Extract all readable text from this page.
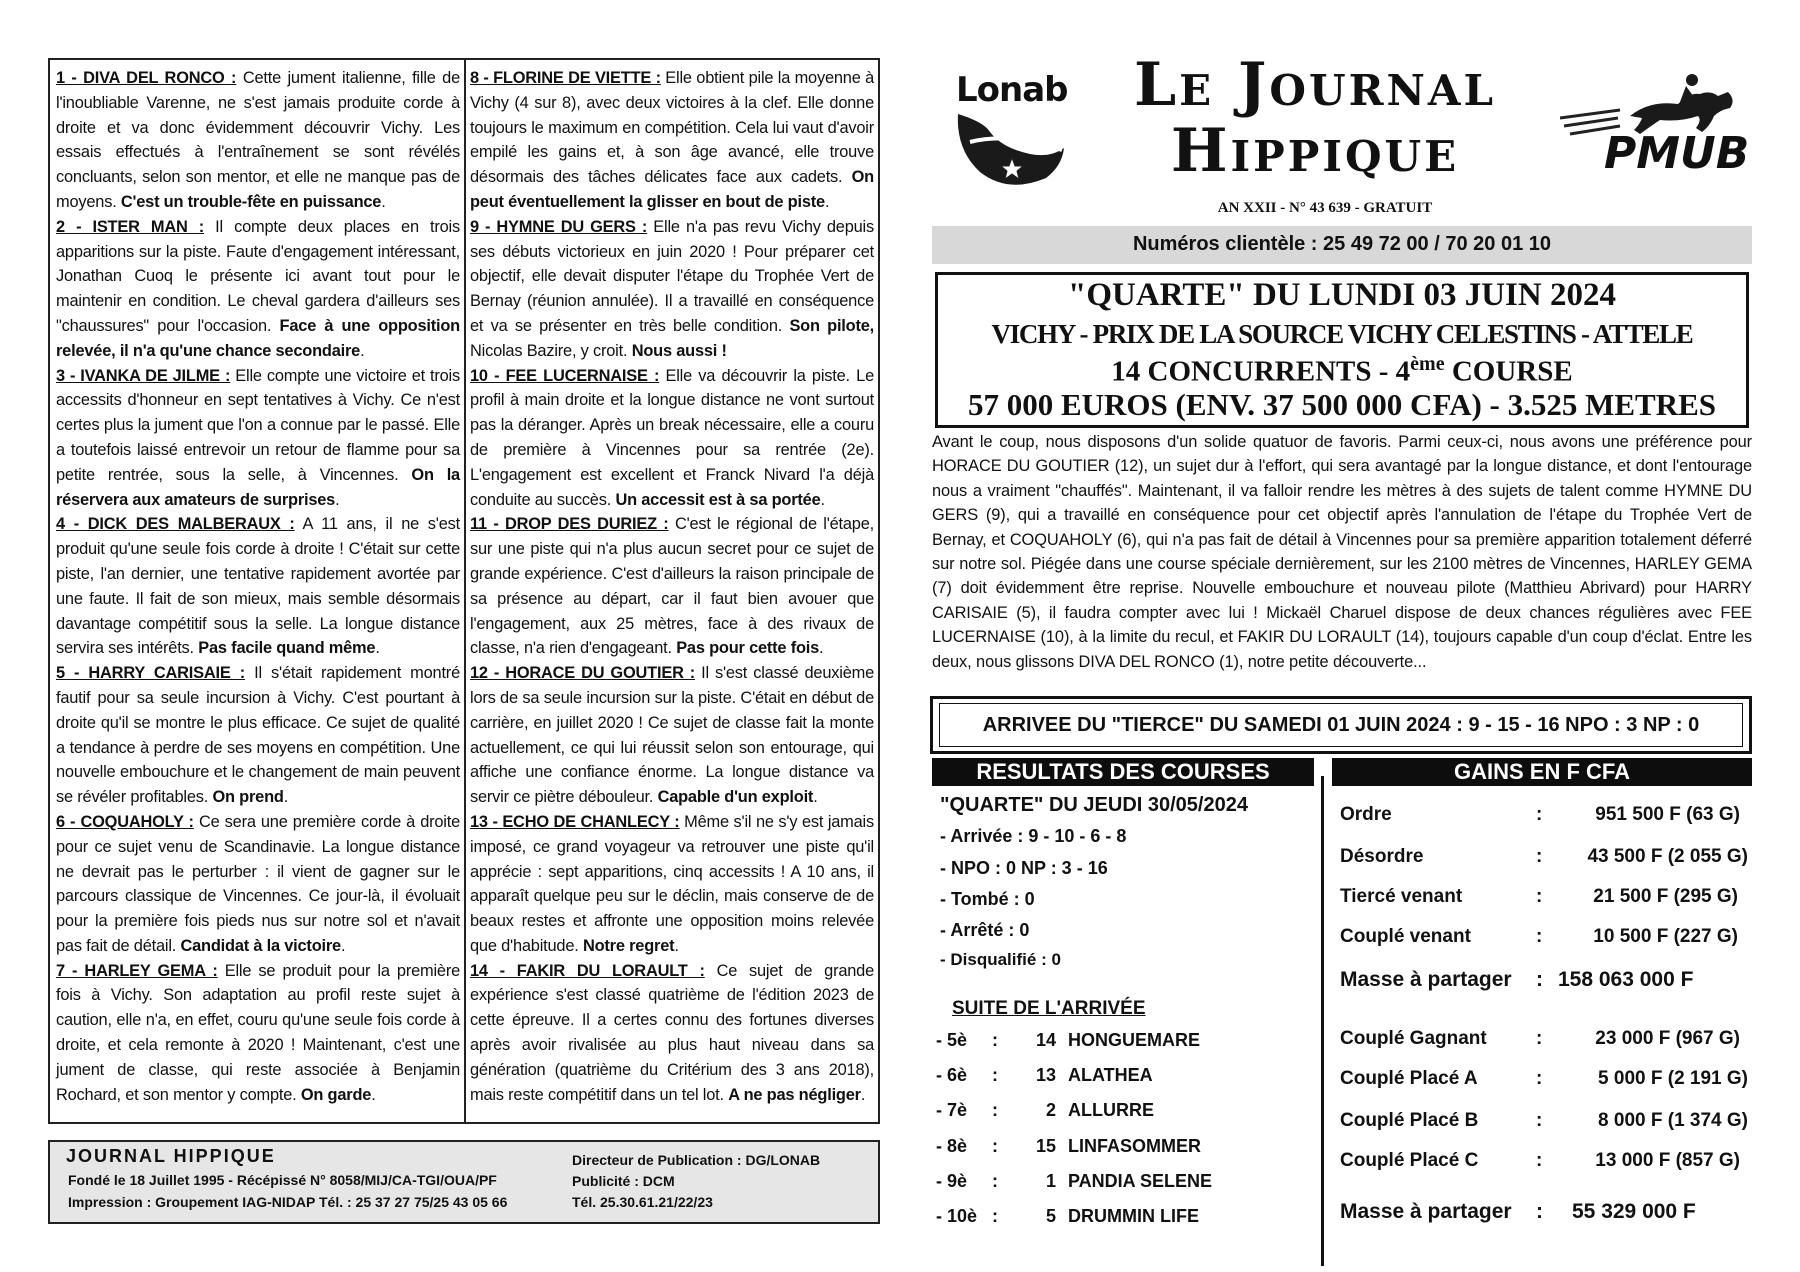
1 - DIVA DEL RONCO : Cette jument italienne, fille de l'inoubliable Varenne, ne s'est jamais produite corde à droite et va donc évidemment découvrir Vichy. Les essais effectués à l'entraînement se sont révélés concluants, selon son mentor, et elle ne manque pas de moyens. C'est un trouble-fête en puissance.

2 - ISTER MAN : Il compte deux places en trois apparitions sur la piste. Faute d'engagement intéressant, Jonathan Cuoq le présente ici avant tout pour le maintenir en condition. Le cheval gardera d'ailleurs ses "chaussures" pour l'occasion. Face à une opposition relevée, il n'a qu'une chance secondaire.

3 - IVANKA DE JILME : Elle compte une victoire et trois accessits d'honneur en sept tentatives à Vichy. Ce n'est certes plus la jument que l'on a connue par le passé. Elle a toutefois laissé entrevoir un retour de flamme pour sa petite rentrée, sous la selle, à Vincennes. On la réservera aux amateurs de surprises.

4 - DICK DES MALBERAUX : A 11 ans, il ne s'est produit qu'une seule fois corde à droite ! C'était sur cette piste, l'an dernier, une tentative rapidement avortée par une faute. Il fait de son mieux, mais semble désormais davantage compétitif sous la selle. La longue distance servira ses intérêts. Pas facile quand même.

5 - HARRY CARISAIE : Il s'était rapidement montré fautif pour sa seule incursion à Vichy. C'est pourtant à droite qu'il se montre le plus efficace. Ce sujet de qualité a tendance à perdre de ses moyens en compétition. Une nouvelle embouchure et le changement de main peuvent se révéler profitables. On prend.

6 - COQUAHOLY : Ce sera une première corde à droite pour ce sujet venu de Scandinavie. La longue distance ne devrait pas le perturber : il vient de gagner sur le parcours classique de Vincennes. Ce jour-là, il évoluait pour la première fois pieds nus sur notre sol et n'avait pas fait de détail. Candidat à la victoire.

7 - HARLEY GEMA : Elle se produit pour la première fois à Vichy. Son adaptation au profil reste sujet à caution, elle n'a, en effet, couru qu'une seule fois corde à droite, et cela remonte à 2020 ! Maintenant, c'est une jument de classe, qui reste associée à Benjamin Rochard, et son mentor y compte. On garde.

8 - FLORINE DE VIETTE : Elle obtient pile la moyenne à Vichy (4 sur 8), avec deux victoires à la clef. Elle donne toujours le maximum en compétition. Cela lui vaut d'avoir empilé les gains et, à son âge avancé, elle trouve désormais des tâches délicates face aux cadets. On peut éventuellement la glisser en bout de piste.

9 - HYMNE DU GERS : Elle n'a pas revu Vichy depuis ses débuts victorieux en juin 2020 ! Pour préparer cet objectif, elle devait disputer l'étape du Trophée Vert de Bernay (réunion annulée). Il a travaillé en conséquence et va se présenter en très belle condition. Son pilote, Nicolas Bazire, y croit. Nous aussi !

10 - FEE LUCERNAISE : Elle va découvrir la piste. Le profil à main droite et la longue distance ne vont surtout pas la déranger. Après un break nécessaire, elle a couru de première à Vincennes pour sa rentrée (2e). L'engagement est excellent et Franck Nivard l'a déjà conduite au succès. Un accessit est à sa portée.

11 - DROP DES DURIEZ : C'est le régional de l'étape, sur une piste qui n'a plus aucun secret pour ce sujet de grande expérience. C'est d'ailleurs la raison principale de sa présence au départ, car il faut bien avouer que l'engagement, aux 25 mètres, face à des rivaux de classe, n'a rien d'engageant. Pas pour cette fois.

12 - HORACE DU GOUTIER : Il s'est classé deuxième lors de sa seule incursion sur la piste. C'était en début de carrière, en juillet 2020 ! Ce sujet de classe fait la monte actuellement, ce qui lui réussit selon son entourage, qui affiche une confiance énorme. La longue distance va servir ce piètre débouleur. Capable d'un exploit.

13 - ECHO DE CHANLECY : Même s'il ne s'y est jamais imposé, ce grand voyageur va retrouver une piste qu'il apprécie : sept apparitions, cinq accessits ! A 10 ans, il apparaît quelque peu sur le déclin, mais conserve de de beaux restes et affronte une opposition moins relevée que d'habitude. Notre regret.

14 - FAKIR DU LORAULT : Ce sujet de grande expérience s'est classé quatrième de l'édition 2023 de cette épreuve. Il a certes connu des fortunes diverses après avoir rivalisée au plus haut niveau dans sa génération (quatrième du Critérium des 3 ans 2018), mais reste compétitif dans un tel lot. A ne pas négliger.

JOURNAL HIPPIQUE
Fondé le 18 Juillet 1995 - Récépissé N° 8058/MIJ/CA-TGI/OUA/PF
Impression : Groupement IAG-NIDAP Tél. : 25 37 27 75/25 43 05 66
Directeur de Publication : DG/LONAB
Publicité : DCM
Tél. 25.30.61.21/22/23
Lonab	Le Journal
Hippique	PMUB
AN XXII - N° 43 639 - GRATUIT
Numéros clientèle : 25 49 72 00 / 70 20 01 10
"QUARTE" DU LUNDI 03 JUIN 2024
VICHY - PRIX DE LA SOURCE VICHY CELESTINS - ATTELE
14 CONCURRENTS - 4ème COURSE
57 000 EUROS (ENV. 37 500 000 CFA) - 3.525 METRES
Avant le coup, nous disposons d'un solide quatuor de favoris. Parmi ceux-ci, nous avons une préférence pour HORACE DU GOUTIER (12), un sujet dur à l'effort, qui sera avantagé par la longue distance, et dont l'entourage nous a vraiment "chauffés". Maintenant, il va falloir rendre les mètres à des sujets de talent comme HYMNE DU GERS (9), qui a travaillé en conséquence pour cet objectif après l'annulation de l'étape du Trophée Vert de Bernay, et COQUAHOLY (6), qui n'a pas fait de détail à Vincennes pour sa première apparition totalement déferré sur notre sol. Piégée dans une course spéciale dernièrement, sur les 2100 mètres de Vincennes, HARLEY GEMA (7) doit évidemment être reprise. Nouvelle embouchure et nouveau pilote (Matthieu Abrivard) pour HARRY CARISAIE (5), il faudra compter avec lui ! Mickaël Charuel dispose de deux chances régulières avec FEE LUCERNAISE (10), à la limite du recul, et FAKIR DU LORAULT (14), toujours capable d'un coup d'éclat. Entre les deux, nous glissons DIVA DEL RONCO (1), notre petite découverte...
ARRIVEE DU "TIERCE" DU SAMEDI 01 JUIN 2024 : 9 - 15 - 16 NPO : 3 NP : 0
RESULTATS DES COURSES	GAINS EN F CFA
"QUARTE" DU JEUDI 30/05/2024
- Arrivée : 9 - 10 - 6 - 8
- NPO : 0 NP : 3 - 16
- Tombé : 0
- Arrêté : 0
- Disqualifié : 0
SUITE DE L'ARRIVÉE
- 5è :	14 HONGUEMARE
- 6è :	13 ALATHEA
- 7è :	2 ALLURRE
- 8è :	15 LINFASOMMER
- 9è :	1 PANDIA SELENE
- 10è :	5 DRUMMIN LIFE
Ordre	:	951 500 F (63 G)
Désordre	:	43 500 F (2 055 G)
Tiercé venant	:	21 500 F (295 G)
Couplé venant	:	10 500 F (227 G)
Masse à partager : 158 063 000 F
Couplé Gagnant	:	23 000 F (967 G)
Couplé Placé A	:	5 000 F (2 191 G)
Couplé Placé B	:	8 000 F (1 374 G)
Couplé Placé C	:	13 000 F (857 G)
Masse à partager : 55 329 000 F
